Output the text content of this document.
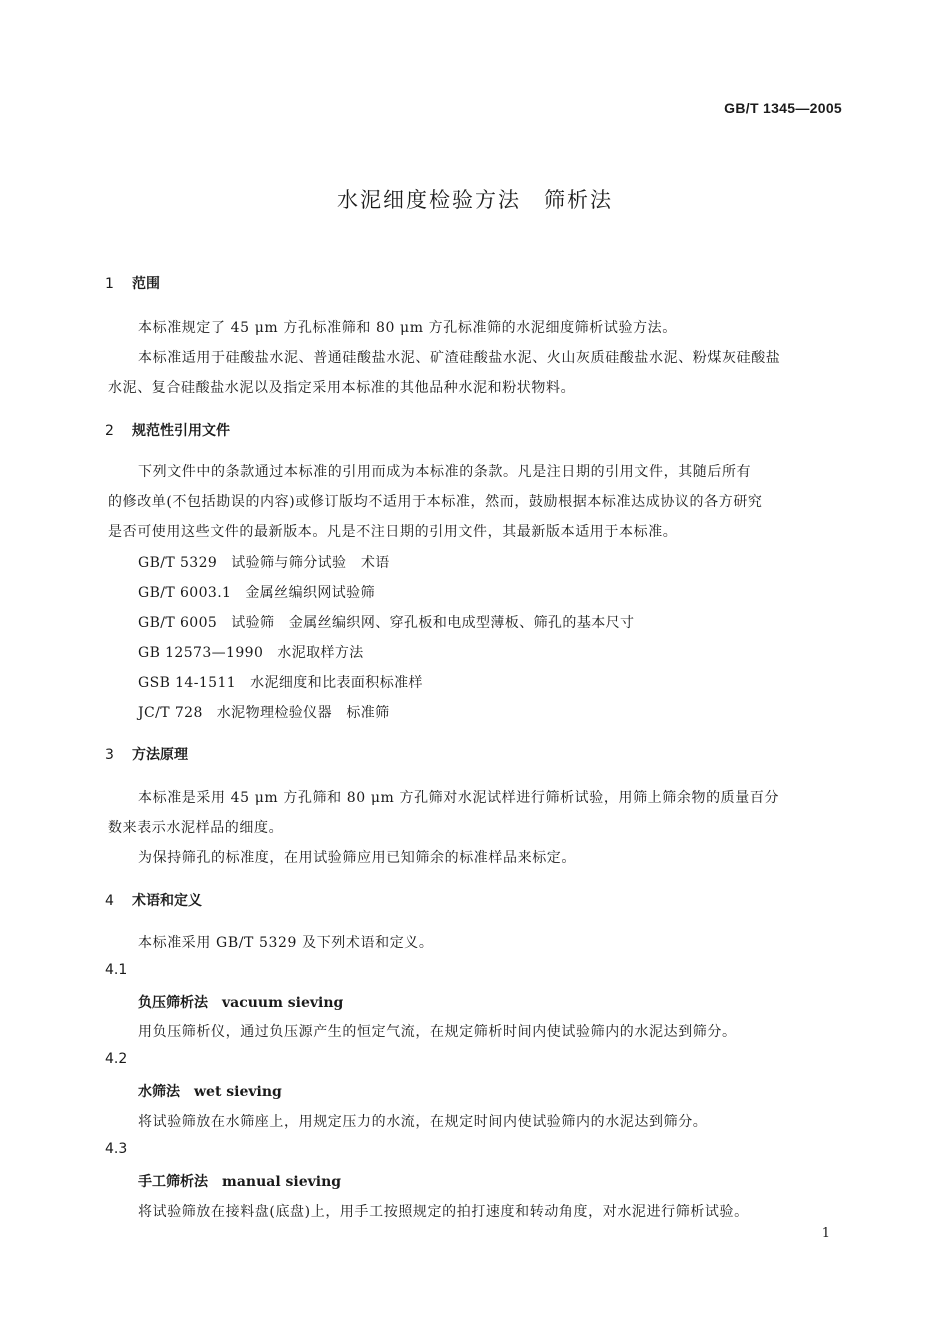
GB/T 1345—2005
水泥细度检验方法　筛析法
1 范围
本标准规定了 45 μm 方孔标准筛和 80 μm 方孔标准筛的水泥细度筛析试验方法。
本标准适用于硅酸盐水泥、普通硅酸盐水泥、矿渣硅酸盐水泥、火山灰质硅酸盐水泥、粉煤灰硅酸盐
水泥、复合硅酸盐水泥以及指定采用本标准的其他品种水泥和粉状物料。
2 规范性引用文件
下列文件中的条款通过本标准的引用而成为本标准的条款。凡是注日期的引用文件，其随后所有
的修改单(不包括勘误的内容)或修订版均不适用于本标准，然而，鼓励根据本标准达成协议的各方研究
是否可使用这些文件的最新版本。凡是不注日期的引用文件，其最新版本适用于本标准。
GB/T 5329 试验筛与筛分试验　术语
GB/T 6003.1 金属丝编织网试验筛
GB/T 6005 试验筛　金属丝编织网、穿孔板和电成型薄板、筛孔的基本尺寸
GB 12573—1990 水泥取样方法
GSB 14-1511 水泥细度和比表面积标准样
JC/T 728 水泥物理检验仪器　标准筛
3 方法原理
本标准是采用 45 μm 方孔筛和 80 μm 方孔筛对水泥试样进行筛析试验，用筛上筛余物的质量百分
数来表示水泥样品的细度。
为保持筛孔的标准度，在用试验筛应用已知筛余的标准样品来标定。
4 术语和定义
本标准采用 GB/T 5329 及下列术语和定义。
4.1
负压筛析法 vacuum sieving
用负压筛析仪，通过负压源产生的恒定气流，在规定筛析时间内使试验筛内的水泥达到筛分。
4.2
水筛法 wet sieving
将试验筛放在水筛座上，用规定压力的水流，在规定时间内使试验筛内的水泥达到筛分。
4.3
手工筛析法 manual sieving
将试验筛放在接料盘(底盘)上，用手工按照规定的拍打速度和转动角度，对水泥进行筛析试验。
1
